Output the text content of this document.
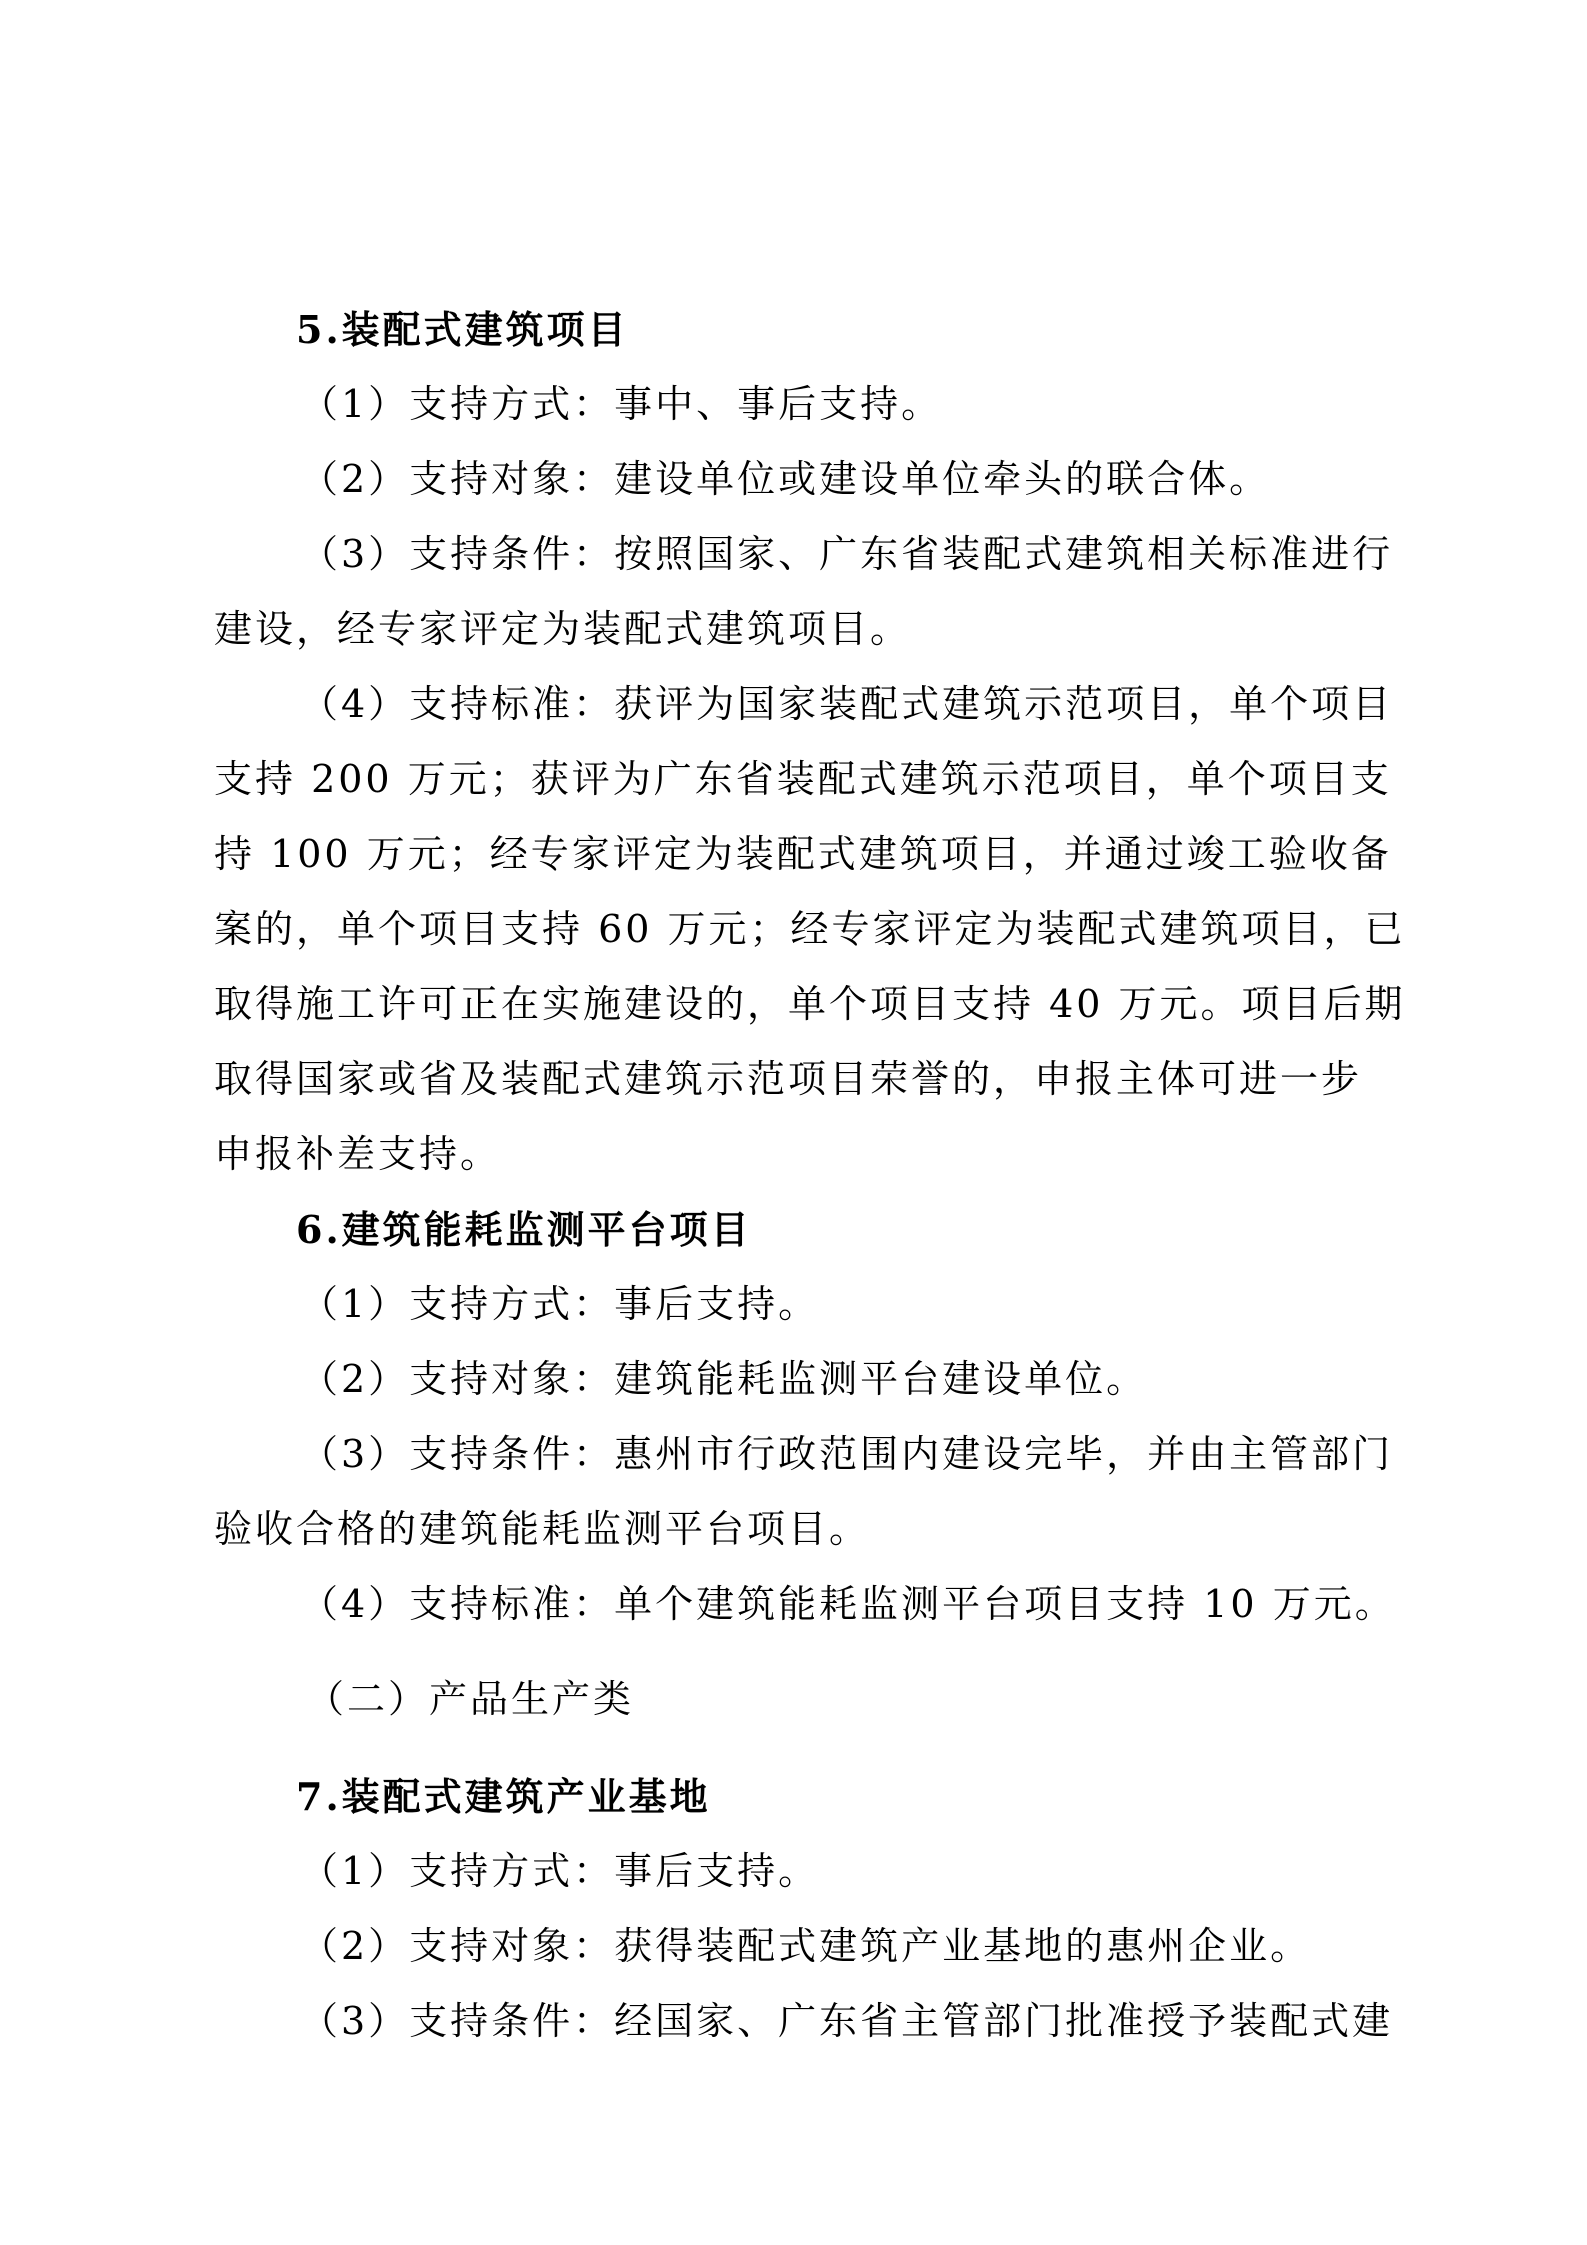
5.装配式建筑项目
（1）支持方式：事中、事后支持。
（2）支持对象：建设单位或建设单位牵头的联合体。
（3）支持条件：按照国家、广东省装配式建筑相关标准进行
建设，经专家评定为装配式建筑项目。
（4）支持标准：获评为国家装配式建筑示范项目，单个项目
支持 200 万元；获评为广东省装配式建筑示范项目，单个项目支
持 100 万元；经专家评定为装配式建筑项目，并通过竣工验收备
案的，单个项目支持 60 万元；经专家评定为装配式建筑项目，已
取得施工许可正在实施建设的，单个项目支持 40 万元。项目后期
取得国家或省及装配式建筑示范项目荣誉的，申报主体可进一步
申报补差支持。
6.建筑能耗监测平台项目
（1）支持方式：事后支持。
（2）支持对象：建筑能耗监测平台建设单位。
（3）支持条件：惠州市行政范围内建设完毕，并由主管部门
验收合格的建筑能耗监测平台项目。
（4）支持标准：单个建筑能耗监测平台项目支持 10 万元。
（二）产品生产类
7.装配式建筑产业基地
（1）支持方式：事后支持。
（2）支持对象：获得装配式建筑产业基地的惠州企业。
（3）支持条件：经国家、广东省主管部门批准授予装配式建
